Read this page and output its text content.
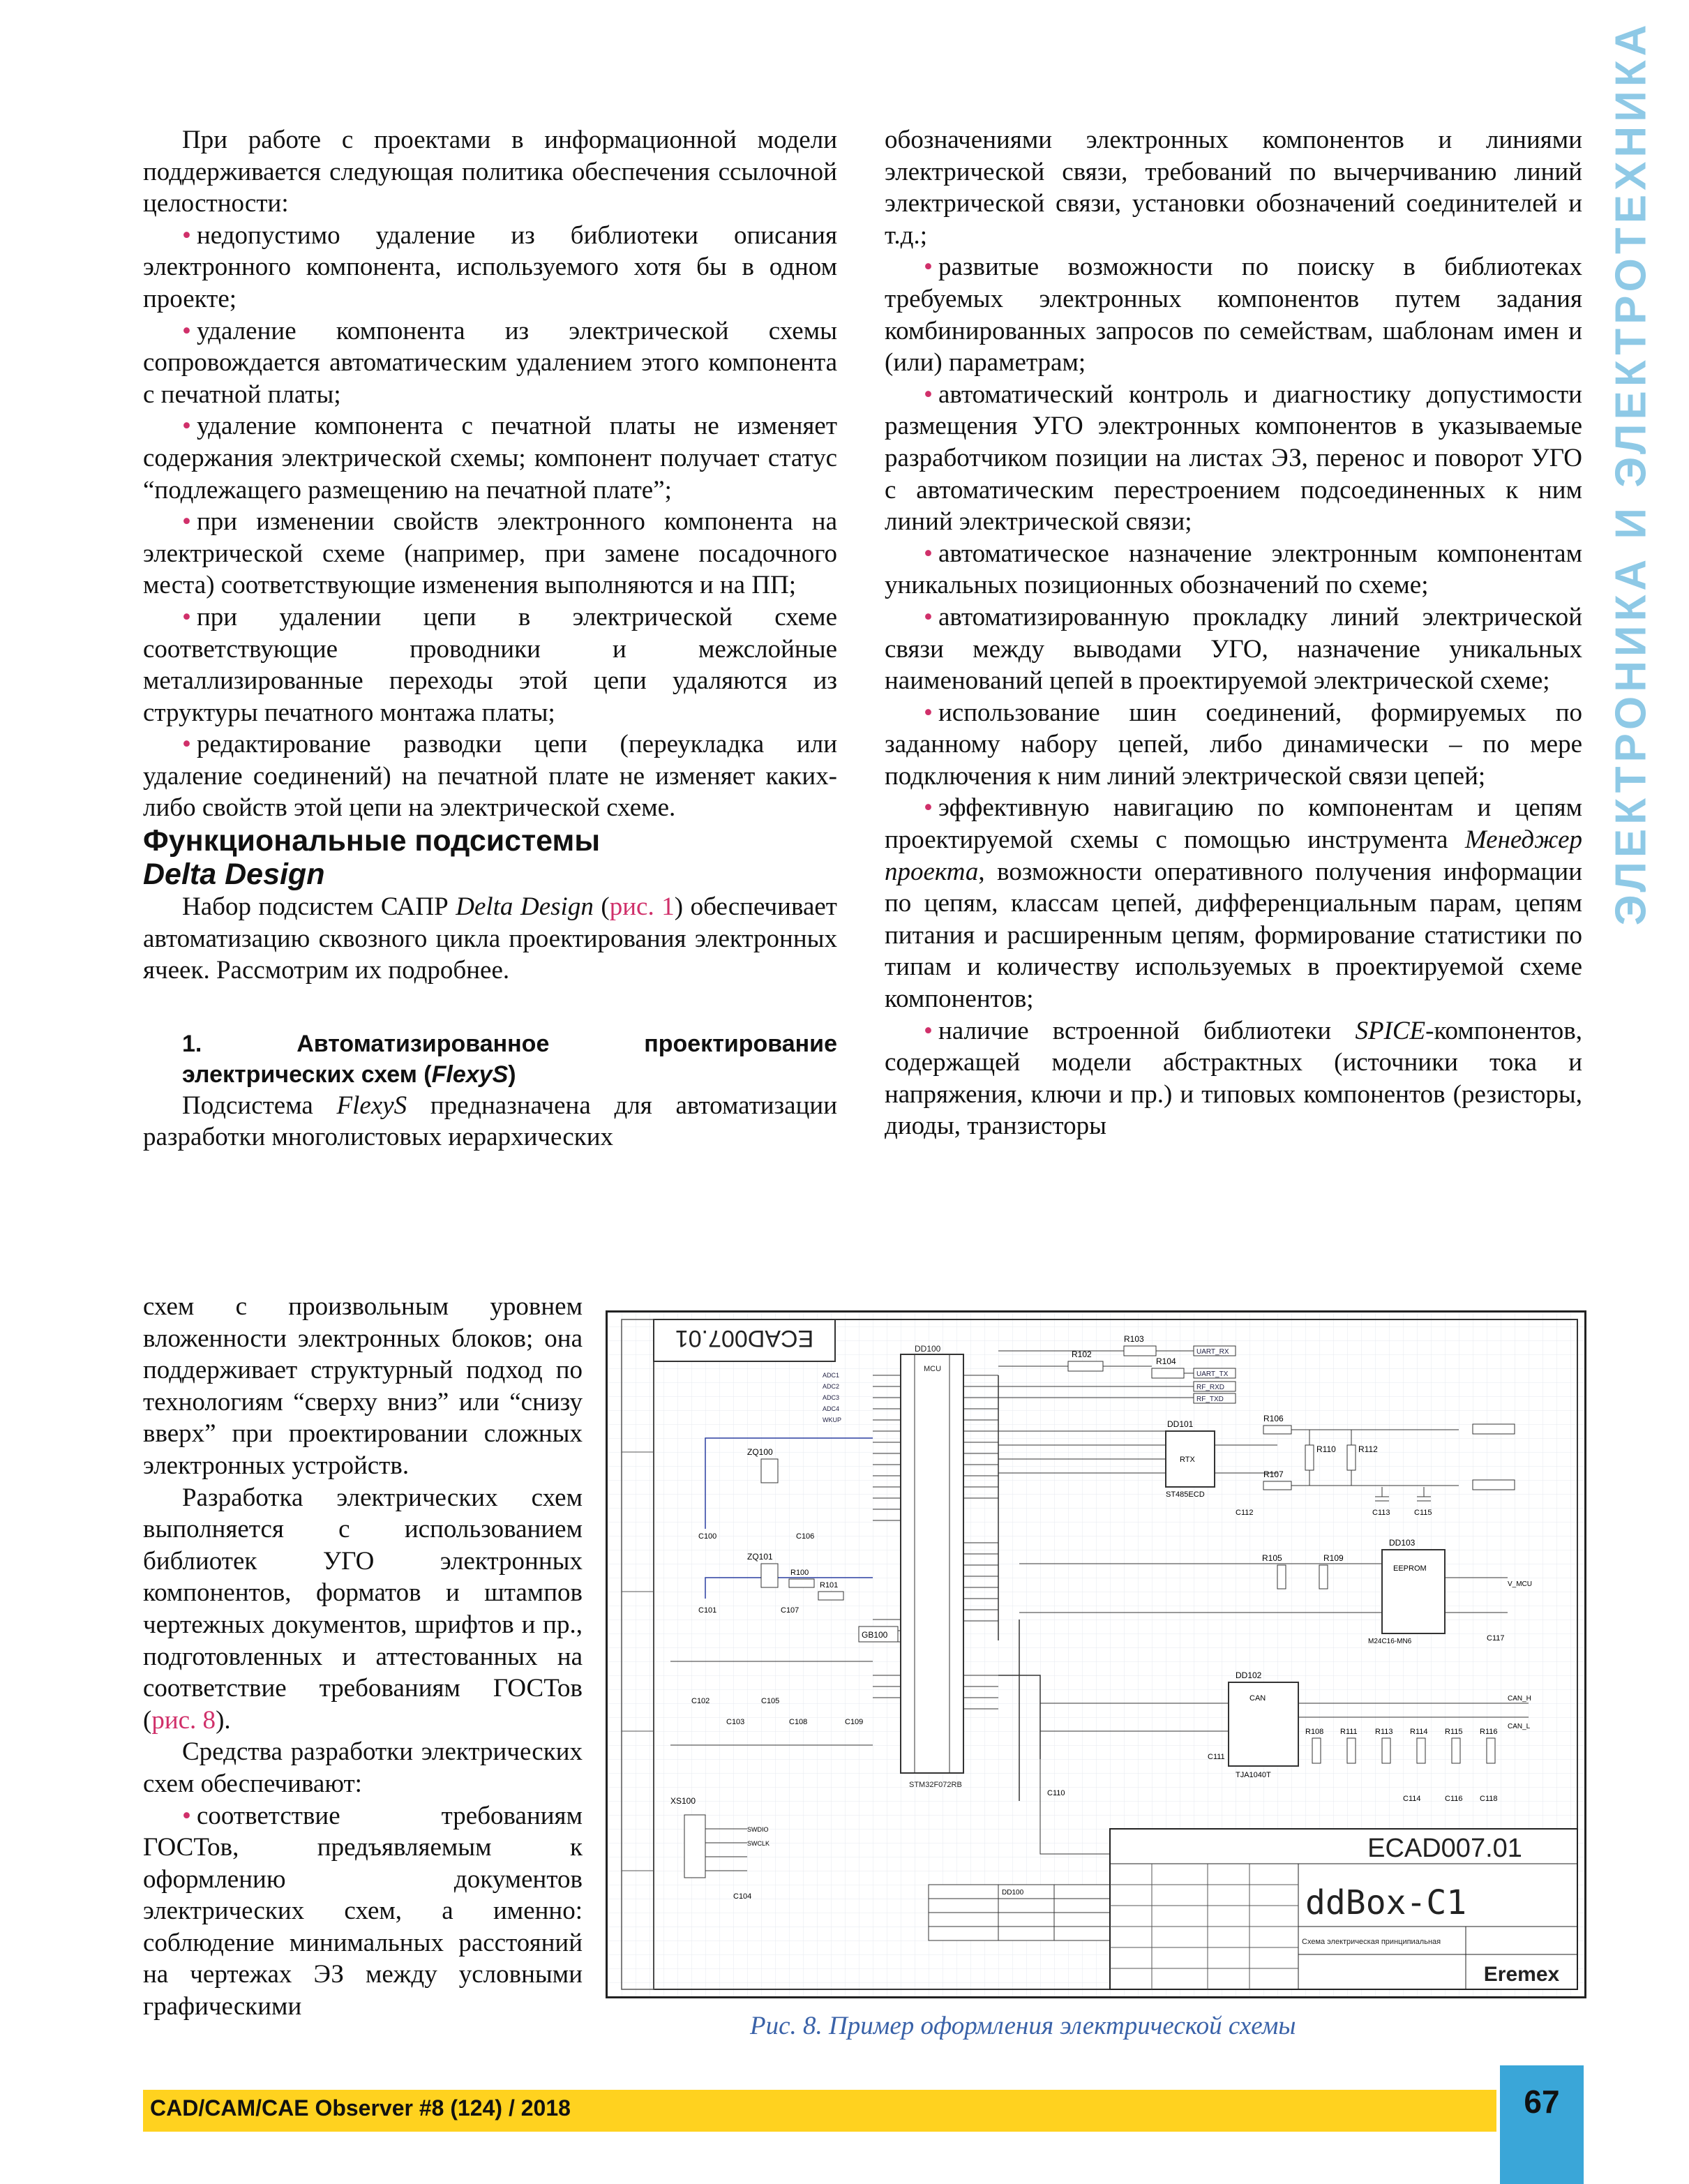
ЭЛЕКТРОНИКА И ЭЛЕКТРОТЕХНИКА

При работе с проектами в информационной модели поддерживается следующая политика обеспечения ссылочной целостности:

• недопустимо удаление из библиотеки описания электронного компонента, используемого хотя бы в одном проекте;

• удаление компонента из электрической схемы сопровождается автоматическим удалением этого компонента с печатной платы;

• удаление компонента с печатной платы не изменяет содержания электрической схемы; компонент получает статус “подлежащего размещению на печатной плате”;

• при изменении свойств электронного компонента на электрической схеме (например, при замене посадочного места) соответствующие изменения выполняются и на ПП;

• при удалении цепи в электрической схеме соответствующие проводники и межслойные металлизированные переходы этой цепи удаляются из структуры печатного монтажа платы;

• редактирование разводки цепи (переукладка или удаление соединений) на печатной плате не изменяет каких-либо свойств этой цепи на электрической схеме.

Функциональные подсистемы
Delta Design

Набор подсистем САПР Delta Design (рис. 1) обеспечивает автоматизацию сквозного цикла проектирования электронных ячеек. Рассмотрим их подробнее.

1. Автоматизированное проектирование электрических схем (FlexyS)

Подсистема FlexyS предназначена для автоматизации разработки многолистовых иерархических

схем с произвольным уровнем вложенности электронных блоков; она поддерживает структурный подход по технологиям “сверху вниз” или “снизу вверх” при проектировании сложных электронных устройств.

Разработка электрических схем выполняется с использованием библиотек УГО электронных компонентов, форматов и штампов чертежных документов, шрифтов и пр., подготовленных и аттестованных на соответствие требованиям ГОСТов (рис. 8).

Средства разработки электрических схем обеспечивают:

• соответствие требованиям ГОСТов, предъявляемым к оформлению документов электрических схем, а именно: соблюдение минимальных расстояний на чертежах ЭЗ между условными графическими

обозначениями электронных компонентов и линиями электрической связи, требований по вычерчиванию линий электрической связи, установки обозначений соединителей и т.д.;

• развитые возможности по поиску в библиотеках требуемых электронных компонентов путем задания комбинированных запросов по семействам, шаблонам имен и (или) параметрам;

• автоматический контроль и диагностику допустимости размещения УГО электронных компонентов в указываемые разработчиком позиции на листах ЭЗ, перенос и поворот УГО с автоматическим перестроением подсоединенных к ним линий электрической связи;

• автоматическое назначение электронным компонентам уникальных позиционных обозначений по схеме;

• автоматизированную прокладку линий электрической связи между выводами УГО, назначение уникальных наименований цепей в проектируемой электрической схеме;

• использование шин соединений, формируемых по заданному набору цепей, либо динамически – по мере подключения к ним линий электрической связи цепей;

• эффективную навигацию по компонентам и цепям проектируемой схемы с помощью инструмента Менеджер проекта, возможности оперативного получения информации по цепям, классам цепей, дифференциальным парам, цепям питания и расширенным цепям, формирование статистики по типам и количеству используемых в проектируемой схеме компонентов;

• наличие встроенной библиотеки SPICE-компонентов, содержащей модели абстрактных (источники тока и напряжения, ключи и пр.) и типовых компонентов (резисторы, диоды, транзисторы

ECAD007.01	DD100
MCU
STM32F072RB
ADC1
ADC2
ADC3
ADC4
WKUP
R102
R103
R104
UART_RX
UART_TX
RF_RXD
RF_TXD
DD101
RTX
ST485ECD
R106
R107
R110	R112
C113	C115
C112
DD103
EEPROM
M24C16-MN6
R105	R109
V_MCU
C117
DD102
CAN
TJA1040T
CAN_H
CAN_L
R108 R111 R113 R114 R115 R116
C114	C116 C118
C111
C110
ZQ100
ZQ101
C100	C106
C101	C107
R100
R101
GB100
C102	C105
C103	C108	C109
XS100
SWDIO
SWCLK
C104	DD100
ECAD007.01
ddBox-C1
Схема электрическая принципиальная
Eremex
Рис. 8. Пример оформления электрической схемы
CAD/CAM/CAE Observer #8 (124) / 2018	67
